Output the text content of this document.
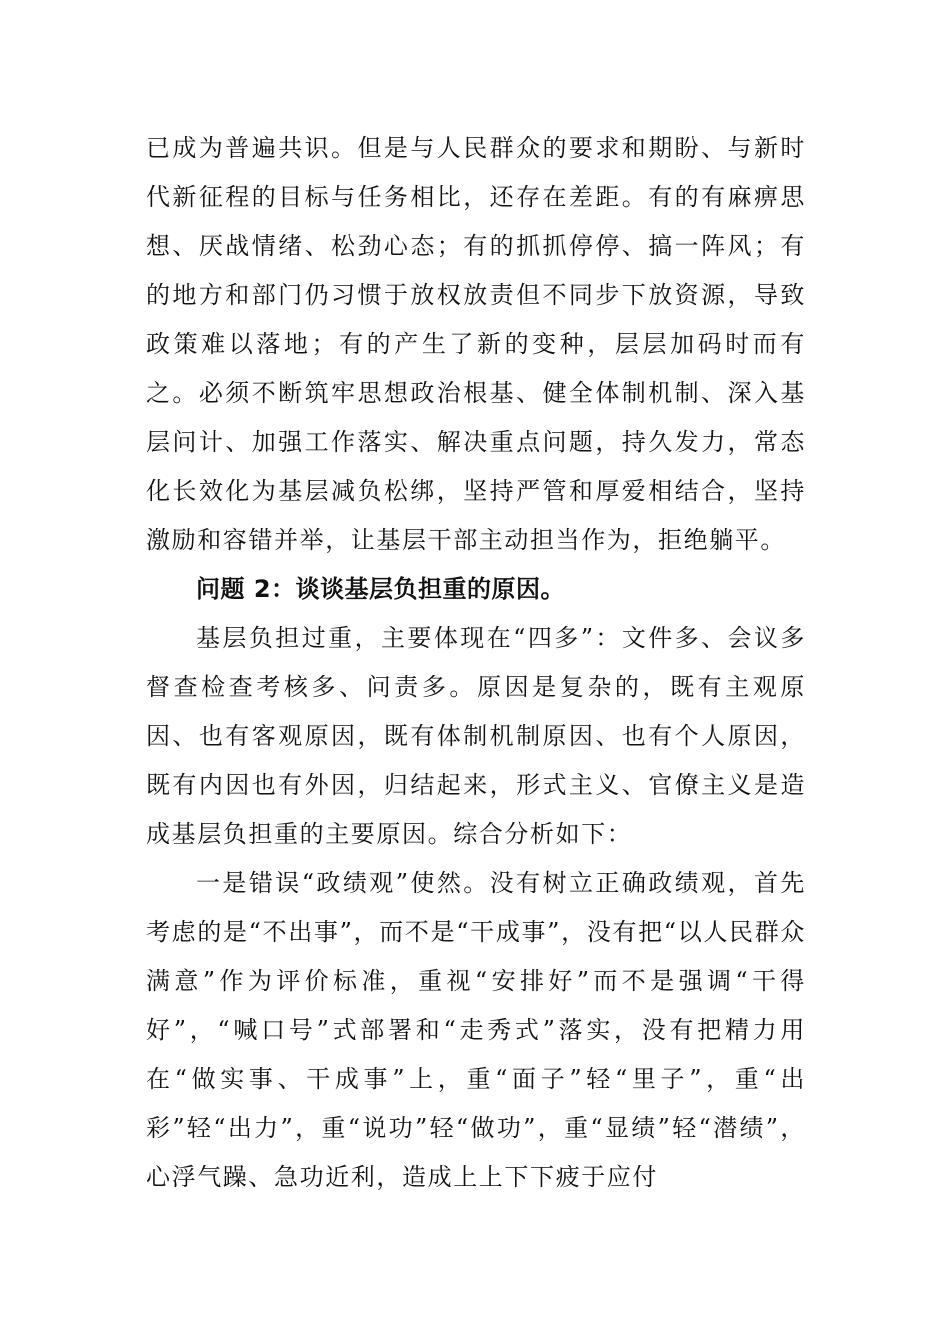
已成为普遍共识。但是与人民群众的要求和期盼、与新时代新征程的目标与任务相比，还存在差距。有的有麻痹思想、厌战情绪、松劲心态；有的抓抓停停、搞一阵风；有的地方和部门仍习惯于放权放责但不同步下放资源，导致政策难以落地；有的产生了新的变种，层层加码时而有之。必须不断筑牢思想政治根基、健全体制机制、深入基层问计、加强工作落实、解决重点问题，持久发力，常态化长效化为基层减负松绑，坚持严管和厚爱相结合，坚持激励和容错并举，让基层干部主动担当作为，拒绝躺平。

问题 2：谈谈基层负担重的原因。

基层负担过重，主要体现在“四多”：文件多、会议多督查检查考核多、问责多。原因是复杂的，既有主观原因、也有客观原因，既有体制机制原因、也有个人原因，既有内因也有外因，归结起来，形式主义、官僚主义是造成基层负担重的主要原因。综合分析如下：

一是错误“政绩观”使然。没有树立正确政绩观，首先考虑的是“不出事”，而不是“干成事”，没有把“以人民群众满意”作为评价标准，重视“安排好”而不是强调“干得好”，“喊口号”式部署和“走秀式”落实，没有把精力用在“做实事、干成事”上，重“面子”轻“里子”，重“出彩”轻“出力”，重“说功”轻“做功”，重“显绩”轻“潜绩”，心浮气躁、急功近利，造成上上下下疲于应付
